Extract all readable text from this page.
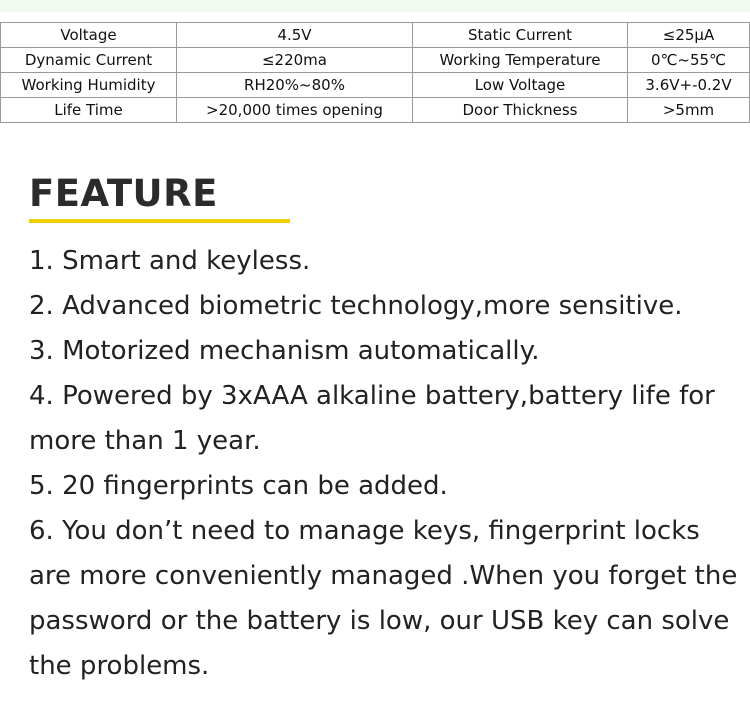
Voltage	4.5V	Static Current	≤25μA
Dynamic Current	≤220ma	Working Temperature	0℃~55℃
Working Humidity	RH20%~80%	Low Voltage	3.6V+-0.2V
Life Time	>20,000 times opening	Door Thickness	>5mm
FEATURE
1. Smart and keyless.
2. Advanced biometric technology,more sensitive.
3. Motorized mechanism automatically.
4. Powered by 3xAAA alkaline battery,battery life for more than 1 year.
5. 20 fingerprints can be added.
6. You don’t need to manage keys, fingerprint locks are more conveniently managed .When you forget the password or the battery is low, our USB key can solve the problems.
